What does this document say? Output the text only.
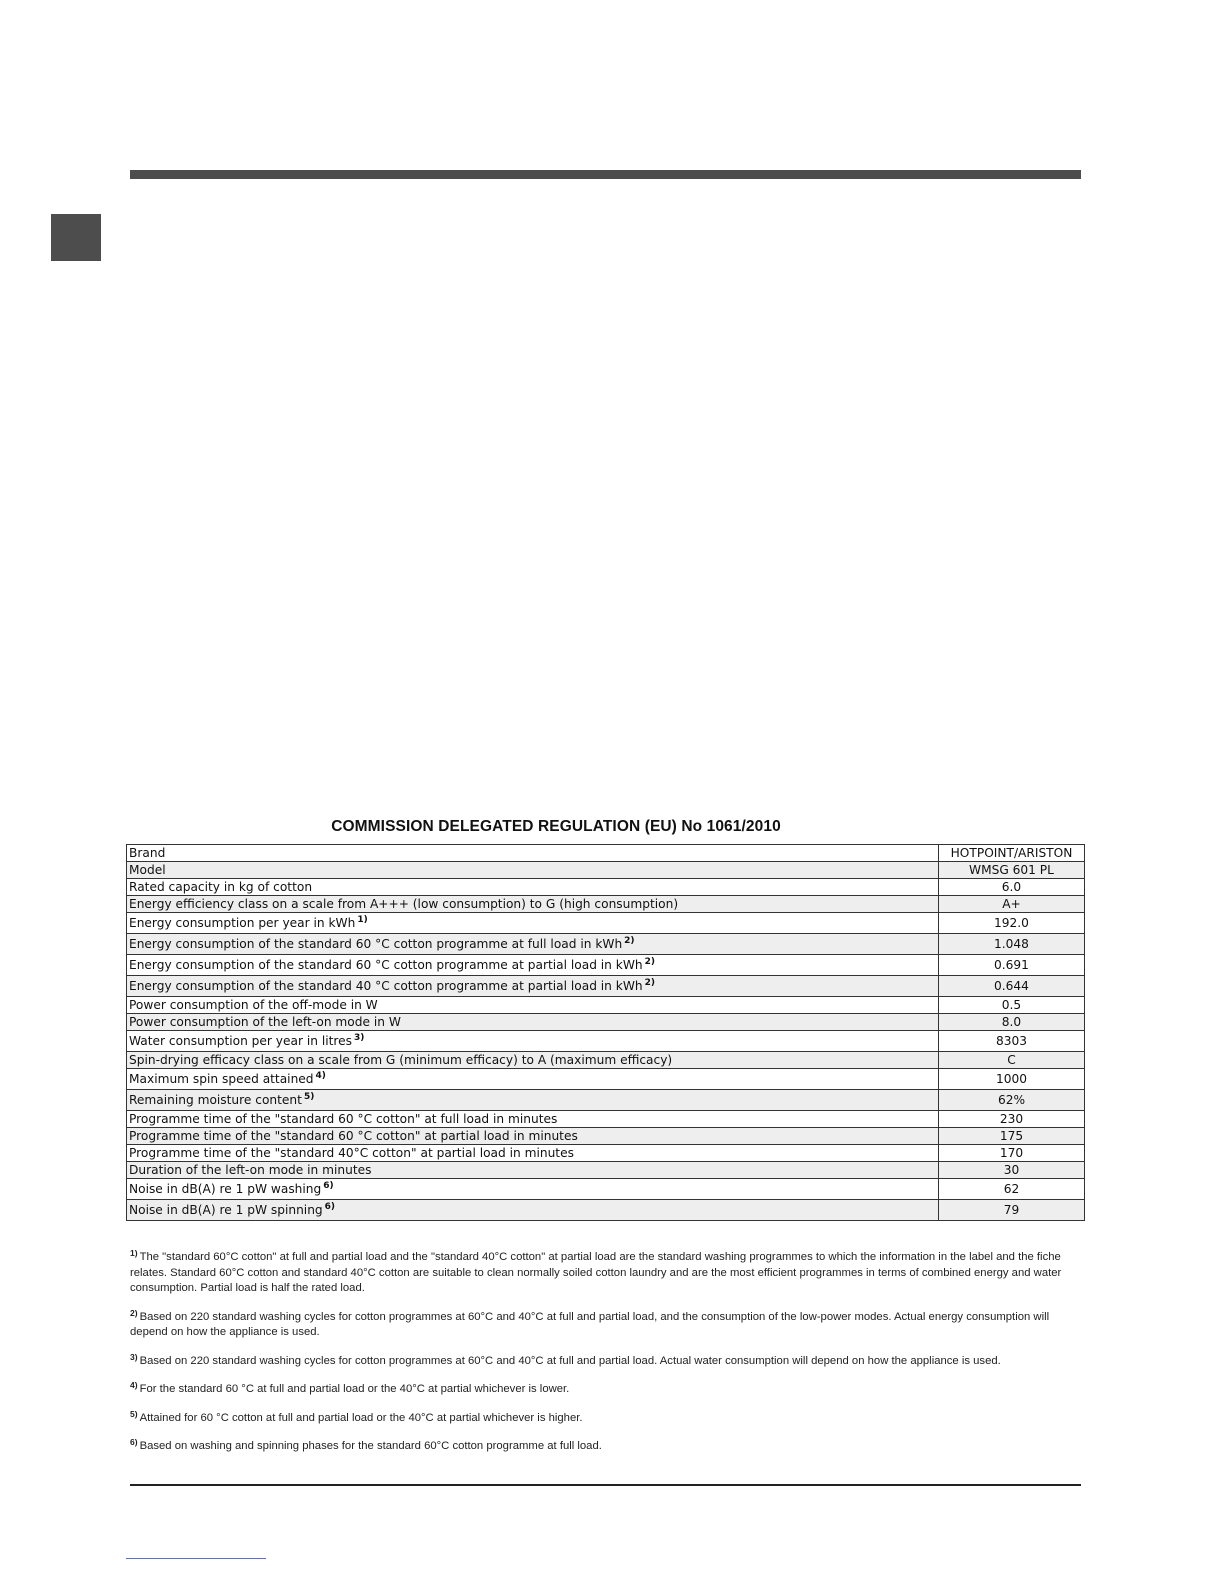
COMMISSION DELEGATED REGULATION (EU) No 1061/2010
Brand	HOTPOINT/ARISTON
Model	WMSG 601 PL
Rated capacity in kg of cotton	6.0
Energy efficiency class on a scale from A+++ (low consumption) to G (high consumption)	A+
Energy consumption per year in kWh $^{1)}$	192.0
Energy consumption of the standard 60 °C cotton programme at full load in kWh $^{2)}$	1.048
Energy consumption of the standard 60 °C cotton programme at partial load in kWh $^{2)}$	0.691
Energy consumption of the standard 40 °C cotton programme at partial load in kWh $^{2)}$	0.644
Power consumption of the off-mode in W	0.5
Power consumption of the left-on mode in W	8.0
Water consumption per year in litres $^{3)}$	8303
Spin-drying efficacy class on a scale from G (minimum efficacy) to A (maximum efficacy)	C
Maximum spin speed attained $^{4)}$	1000
Remaining moisture content $^{5)}$	62%
Programme time of the "standard 60 °C cotton" at full load in minutes	230
Programme time of the "standard 60 °C cotton" at partial load in minutes	175
Programme time of the "standard 40°C cotton" at partial load in minutes	170
Duration of the left-on mode in minutes	30
Noise in dB(A) re 1 pW washing $^{6)}$	62
Noise in dB(A) re 1 pW spinning $^{6)}$	79

$^{1)}$ The "standard 60°C cotton" at full and partial load and the "standard 40°C cotton" at partial load are the standard washing programmes to which the information in the label and the fiche relates. Standard 60°C cotton and standard 40°C cotton are suitable to clean normally soiled cotton laundry and are the most efficient programmes in terms of combined energy and water consumption. Partial load is half the rated load.

$^{2)}$ Based on 220 standard washing cycles for cotton programmes at 60°C and 40°C at full and partial load, and the consumption of the low-power modes. Actual energy consumption will depend on how the appliance is used.

$^{3)}$ Based on 220 standard washing cycles for cotton programmes at 60°C and 40°C at full and partial load. Actual water consumption will depend on how the appliance is used.

$^{4)}$ For the standard 60 °C at full and partial load or the 40°C at partial whichever is lower.

$^{5)}$ Attained for 60 °C cotton at full and partial load or the 40°C at partial whichever is higher.

$^{6)}$ Based on washing and spinning phases for the standard 60°C cotton programme at full load.
